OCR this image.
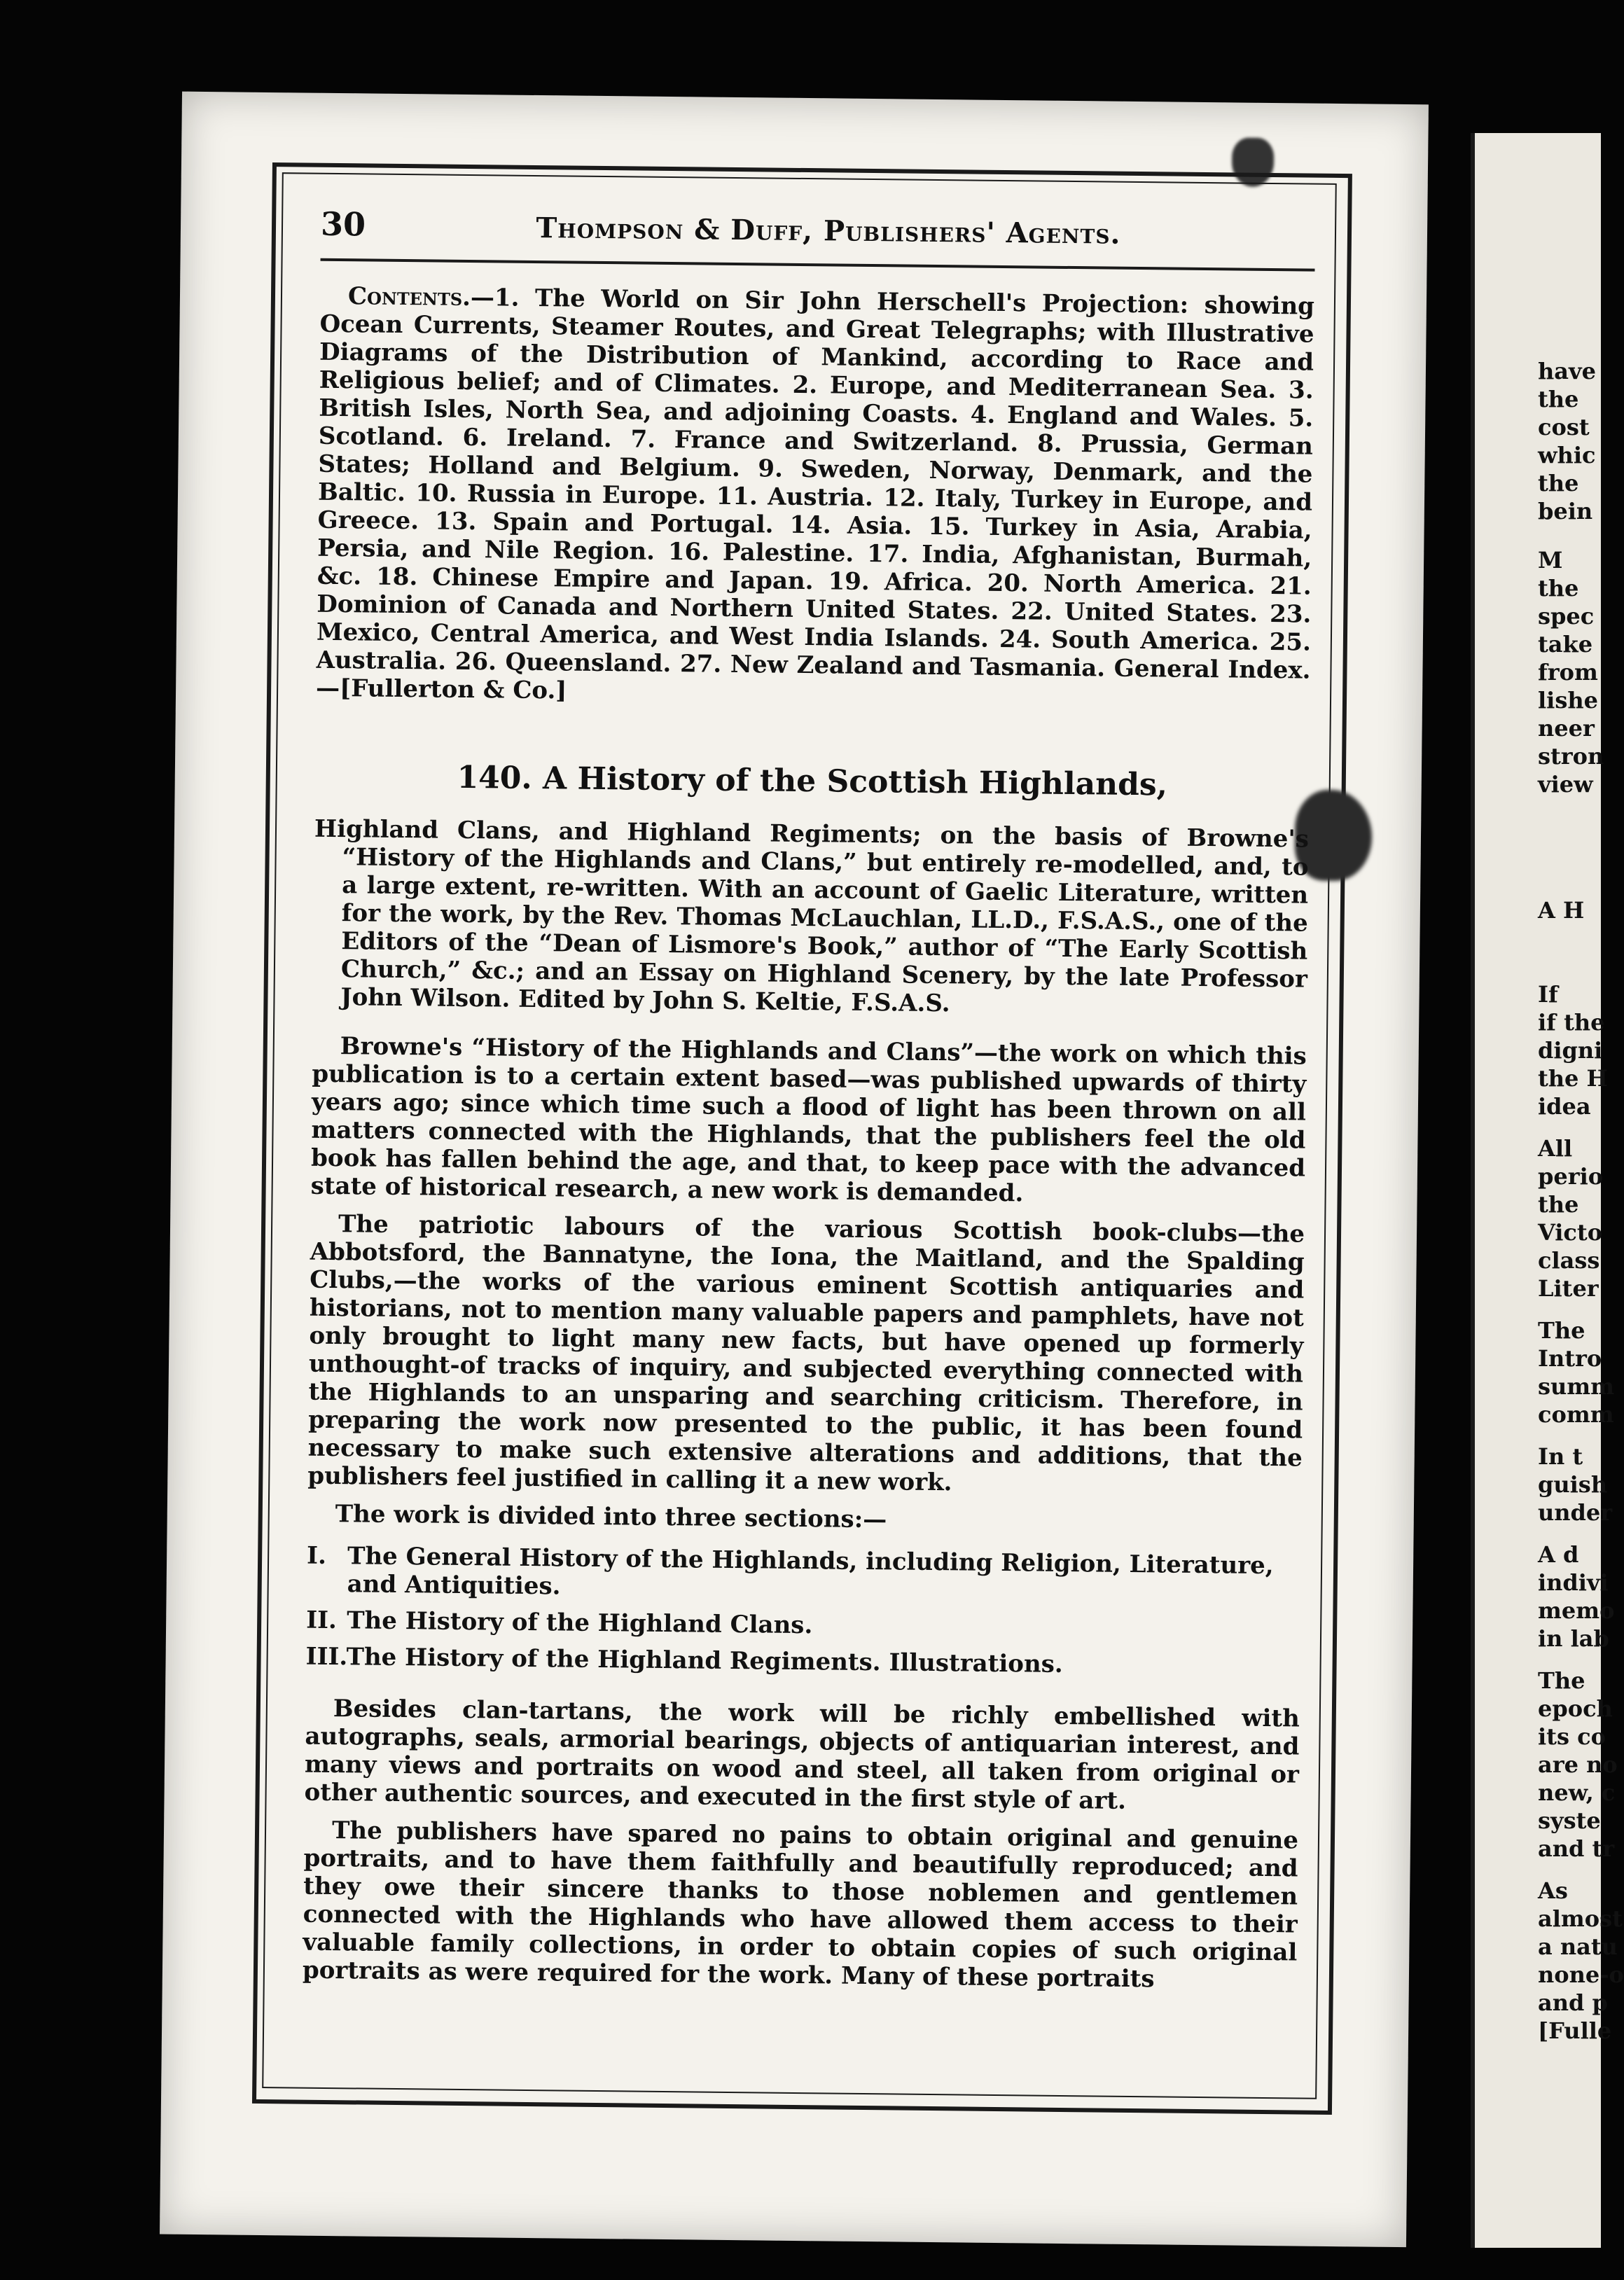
30	Thompson & Duff, Publishers' Agents.

Contents.—1. The World on Sir John Herschell's Projection: showing Ocean Currents, Steamer Routes, and Great Telegraphs; with Illustrative Diagrams of the Distribution of Mankind, according to Race and Religious belief; and of Climates. 2. Europe, and Mediterranean Sea. 3. British Isles, North Sea, and adjoining Coasts. 4. England and Wales. 5. Scotland. 6. Ireland. 7. France and Switzerland. 8. Prussia, German States; Holland and Belgium. 9. Sweden, Norway, Denmark, and the Baltic. 10. Russia in Europe. 11. Austria. 12. Italy, Turkey in Europe, and Greece. 13. Spain and Portugal. 14. Asia. 15. Turkey in Asia, Arabia, Persia, and Nile Region. 16. Palestine. 17. India, Afghanistan, Burmah, &c. 18. Chinese Empire and Japan. 19. Africa. 20. North America. 21. Dominion of Canada and Northern United States. 22. United States. 23. Mexico, Central America, and West India Islands. 24. South America. 25. Australia. 26. Queensland. 27. New Zealand and Tasmania. General Index.—[Fullerton & Co.]

140. A History of the Scottish Highlands,

Highland Clans, and Highland Regiments; on the basis of Browne's “History of the Highlands and Clans,” but entirely re-modelled, and, to a large extent, re-written. With an account of Gaelic Literature, written for the work, by the Rev. Thomas McLauchlan, LL.D., F.S.A.S., one of the Editors of the “Dean of Lismore's Book,” author of “The Early Scottish Church,” &c.; and an Essay on Highland Scenery, by the late Professor John Wilson. Edited by John S. Keltie, F.S.A.S.

Browne's “History of the Highlands and Clans”—the work on which this publication is to a certain extent based—was published upwards of thirty years ago; since which time such a flood of light has been thrown on all matters connected with the Highlands, that the publishers feel the old book has fallen behind the age, and that, to keep pace with the advanced state of historical research, a new work is demanded.

The patriotic labours of the various Scottish book-clubs—the Abbotsford, the Bannatyne, the Iona, the Maitland, and the Spalding Clubs,—the works of the various eminent Scottish antiquaries and historians, not to mention many valuable papers and pamphlets, have not only brought to light many new facts, but have opened up formerly unthought-of tracks of inquiry, and subjected everything connected with the Highlands to an unsparing and searching criticism. Therefore, in preparing the work now presented to the public, it has been found necessary to make such extensive alterations and additions, that the publishers feel justified in calling it a new work.

The work is divided into three sections:—
I. The General History of the Highlands, including Religion, Literature, and Antiquities.
II. The History of the Highland Clans.
III.
The History of the Highland Regiments. Illustrations.

Besides clan-tartans, the work will be richly embellished with autographs, seals, armorial bearings, objects of antiquarian interest, and many views and portraits on wood and steel, all taken from original or other authentic sources, and executed in the first style of art.

The publishers have spared no pains to obtain original and genuine portraits, and to have them faithfully and beautifully reproduced; and they owe their sincere thanks to those noblemen and gentlemen connected with the Highlands who have allowed them access to their valuable family collections, in order to obtain copies of such original portraits as were required for the work. Many of these portraits

have
the
cost
whic
the
bein
M
the
spec
take
from
lishe
neer
stron
view
A H
If
if the
digni
the H
idea
All
perio
the
Victo
class
Liter
The
Intro
summ
comm
In t
guish
under
A d
indivi
memo
in lab
The
epoch
its co
are no
new, c
syste
and tr
As
almost
a natu
none-o
and p
[Fulle
